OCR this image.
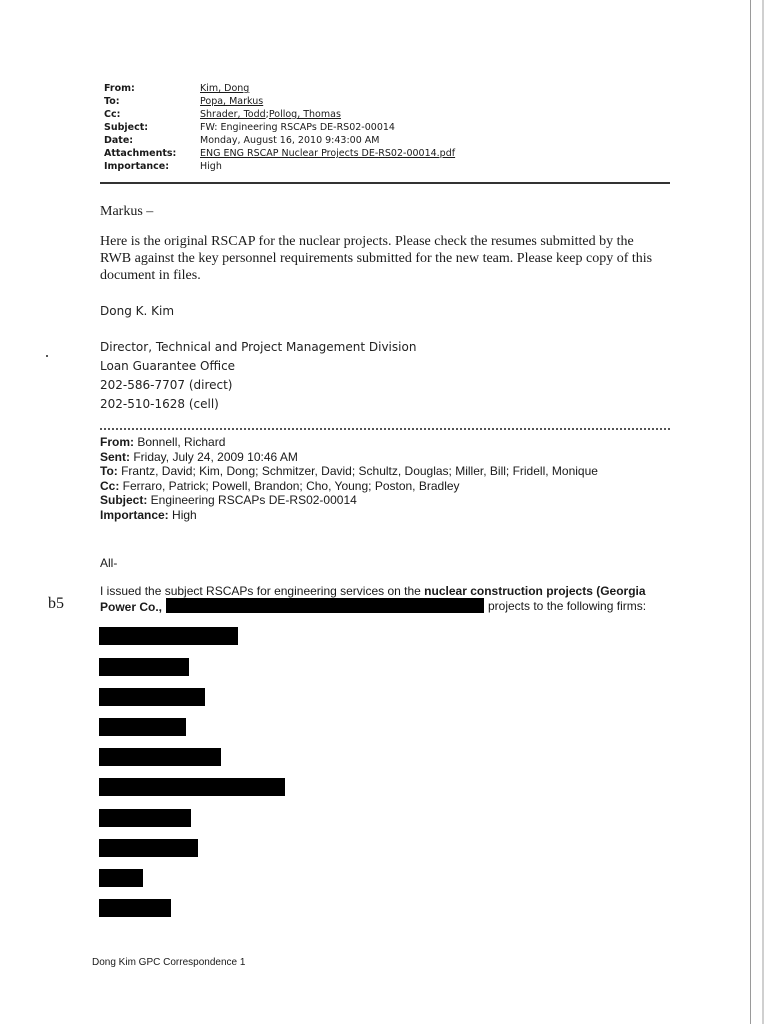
From:	Kim, Dong
To:	Popa, Markus
Cc:	Shrader, Todd ; Pollog, Thomas
Subject:	FW: Engineering RSCAPs DE-RS02-00014
Date:	Monday, August 16, 2010 9:43:00 AM
Attachments:	ENG ENG RSCAP Nuclear Projects DE-RS02-00014.pdf
Importance:	High
Markus –
Here is the original RSCAP for the nuclear projects. Please check the resumes submitted by the RWB against the key personnel requirements submitted for the new team. Please keep copy of this document in files.
Dong K. Kim
Director, Technical and Project Management Division
Loan Guarantee Office
202-586-7707 (direct)
202-510-1628 (cell)
From: Bonnell, Richard
Sent: Friday, July 24, 2009 10:46 AM
To: Frantz, David; Kim, Dong; Schmitzer, David; Schultz, Douglas; Miller, Bill; Fridell, Monique
Cc: Ferraro, Patrick; Powell, Brandon; Cho, Young; Poston, Bradley
Subject: Engineering RSCAPs DE-RS02-00014
Importance: High
All-
I issued the subject RSCAPs for engineering services on the nuclear construction projects (Georgia Power Co.,	projects to the following firms:
b5
Dong Kim GPC Correspondence 1
